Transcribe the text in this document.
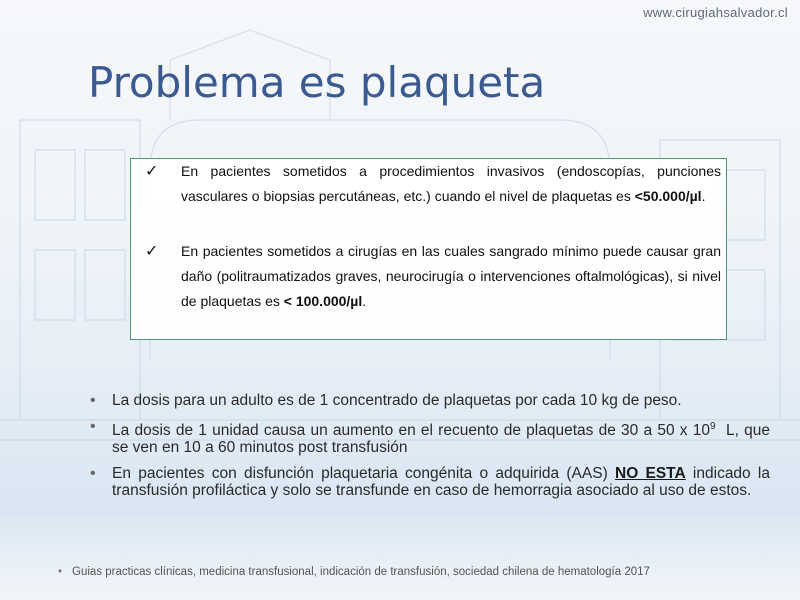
www.cirugiahsalvador.cl
Problema es plaqueta
✓ En pacientes sometidos a procedimientos invasivos (endoscopías, punciones vasculares o biopsias percutáneas, etc.) cuando el nivel de plaquetas es <50.000/µl.
✓ En pacientes sometidos a cirugías en las cuales sangrado mínimo puede causar gran daño (politraumatizados graves, neurocirugía o intervenciones oftalmológicas), si nivel de plaquetas es < 100.000/µl.
• La dosis para un adulto es de 1 concentrado de plaquetas por cada 10 kg de peso.
• La dosis de 1 unidad causa un aumento en el recuento de plaquetas de 30 a 50 x $10^9$  L, que se ven en 10 a 60 minutos post transfusión
• En pacientes con disfunción plaquetaria congénita o adquirida (AAS) NO ESTA indicado la transfusión profiláctica y solo se transfunde en caso de hemorragia asociado al uso de estos.
• Guias practicas clínicas, medicina transfusional, indicación de transfusión, sociedad chilena de hematología 2017
